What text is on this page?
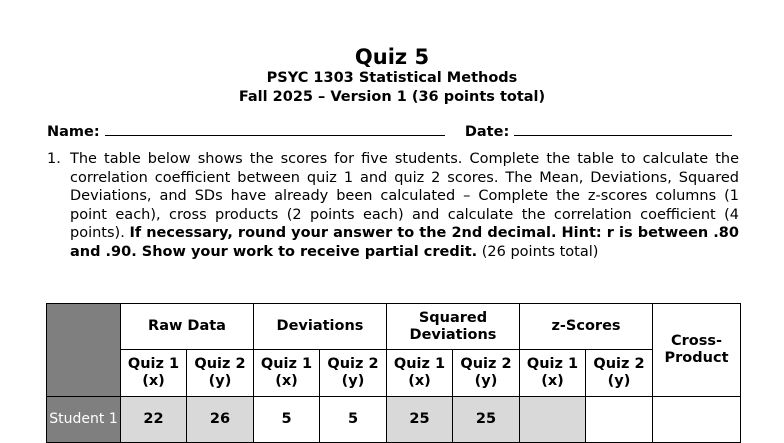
Quiz 5
PSYC 1303 Statistical Methods
Fall 2025 – Version 1 (36 points total)
Name:	Date:
1. The table below shows the scores for five students. Complete the table to calculate the correlation coefficient between quiz 1 and quiz 2 scores. The Mean, Deviations, Squared Deviations, and SDs have already been calculated – Complete the z-scores columns (1 point each), cross products (2 points each) and calculate the correlation coefficient (4 points). If necessary, round your answer to the 2nd decimal. Hint: r is between .80 and .90. Show your work to receive partial credit. (26 points total)
	Raw Data		Deviations		Squared Deviations		z-Scores		Cross-Product
	Quiz 1 (x)	Quiz 2 (y)	Quiz 1 (x)	Quiz 2 (y)	Quiz 1 (x)	Quiz 2 (y)	Quiz 1 (x)	Quiz 2 (y)	
Student 1	22	26	5	5	25	25			
